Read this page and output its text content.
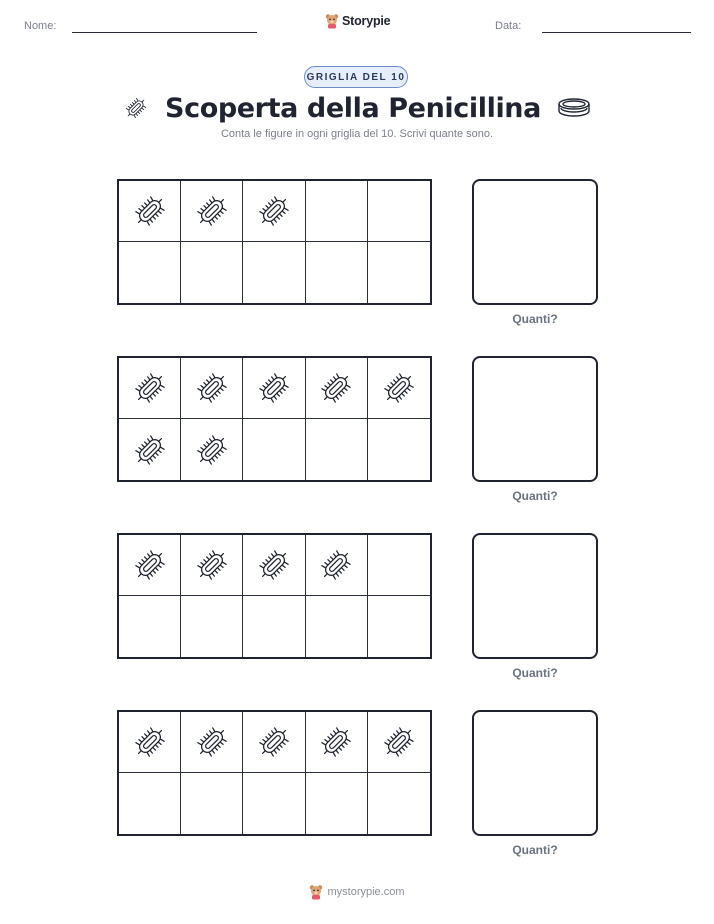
Nome:	Storypie	Data:
GRIGLIA DEL 10
Scoperta della Penicillina
Conta le figure in ogni griglia del 10. Scrivi quante sono.
Quanti?
Quanti?
Quanti?
Quanti?
mystorypie.com
